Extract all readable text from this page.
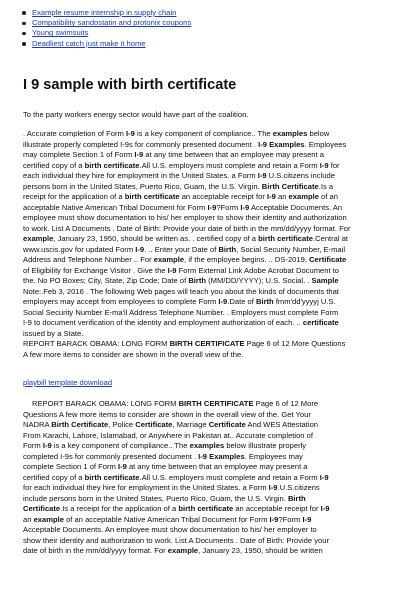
Example resume internship in supply chain
Compatibility sandostatin and protonix coupons
Young swimsuits
Deadliest catch just make it home
I 9 sample with birth certificate

To the party workers energy sector would have part of the coalition.

. Accurate completion of Form I-9 is a key component of compliance.. The examples below
illustrate properly completed I-9s for commonly presented document . I-9 Examples. Employees
may complete Section 1 of Form I-9 at any time between that an employee may present a
certified copy of a birth certificate.All U.S. employers must complete and retain a Form I-9 for
each individual they hire for employment in the United States. a Form I-9 U.S.citizens include
persons born in the United States, Puerto Rico, Guam, the U.S. Virgin. Birth Certificate.Is a
receipt for the application of a birth certificate an acceptable receipt for I-9 an example of an
acceptable Native American Tribal Document for Form I-9?Form I-9 Acceptable Documents. An
employee must show documentation to his/ her employer to show their identity and authorization
to work. List A Documents . Date of Birth: Provide your date of birth in the mm/dd/yyyy format. For
example, January 23, 1950, should be written as. . certified copy of a birth certificate.Central at
www.uscis.gov for updated Form I-9. .. Enter your Date of Birth, Social Security Number, E-mail
Address and Telephone Number .. For example, if the employee begins. .. DS-2019, Certificate
of Eligibility for Exchange Visitor . Give the I-9 Form External Link Adobe Acrobat Document to
the. No PO Boxes; City, State, Zip Code; Date of Birth (MM/DD/YYYY); U.S. Social. . Sample
Note:.Feb 3, 2016 . The following Web pages will teach you about the kinds of documents that
employers may accept from employees to complete Form I-9.Date of Birth fmm'dd'yyyyj U.S.
Social Security Number E-ma'il Address Telephone Number. . Employers must complete Form
I-9 to document verification of the identity and employment authorization of each. .. certificate
issued by a State.
REPORT BARACK OBAMA: LONG FORM BIRTH CERTIFICATE Page 6 of 12 More Questions
A few more items to consider are shown in the overall view of the.
playbill template download
REPORT BARACK OBAMA: LONG FORM BIRTH CERTIFICATE Page 6 of 12 More
Questions A few more items to consider are shown in the overall view of the. Get Your
NADRA Birth Certificate, Police Certificate, Marriage Certificate And WES Attestation
From Karachi, Lahore, Islamabad, or Anywhere in Pakistan at.. Accurate completion of
Form I-9 is a key component of compliance.. The examples below illustrate properly
completed I-9s for commonly presented document . I-9 Examples. Employees may
complete Section 1 of Form I-9 at any time between that an employee may present a
certified copy of a birth certificate.All U.S. employers must complete and retain a Form I-9
for each individual they hire for employment in the United States. a Form I-9.U.S.citizens
include persons born in the United States, Puerto Rico, Guam, the U.S. Virgin. Birth
Certificate.Is a receipt for the application of a birth certificate an acceptable receipt for I-9
an example of an acceptable Native American Tribal Document for Form I-9?Form I-9
Acceptable Documents. An employee must show documentation to his/ her employer to
show their identity and authorization to work. List A Documents . Date of Birth: Provide your
date of birth in the mm/dd/yyyy format. For example, January 23, 1950, should be written
